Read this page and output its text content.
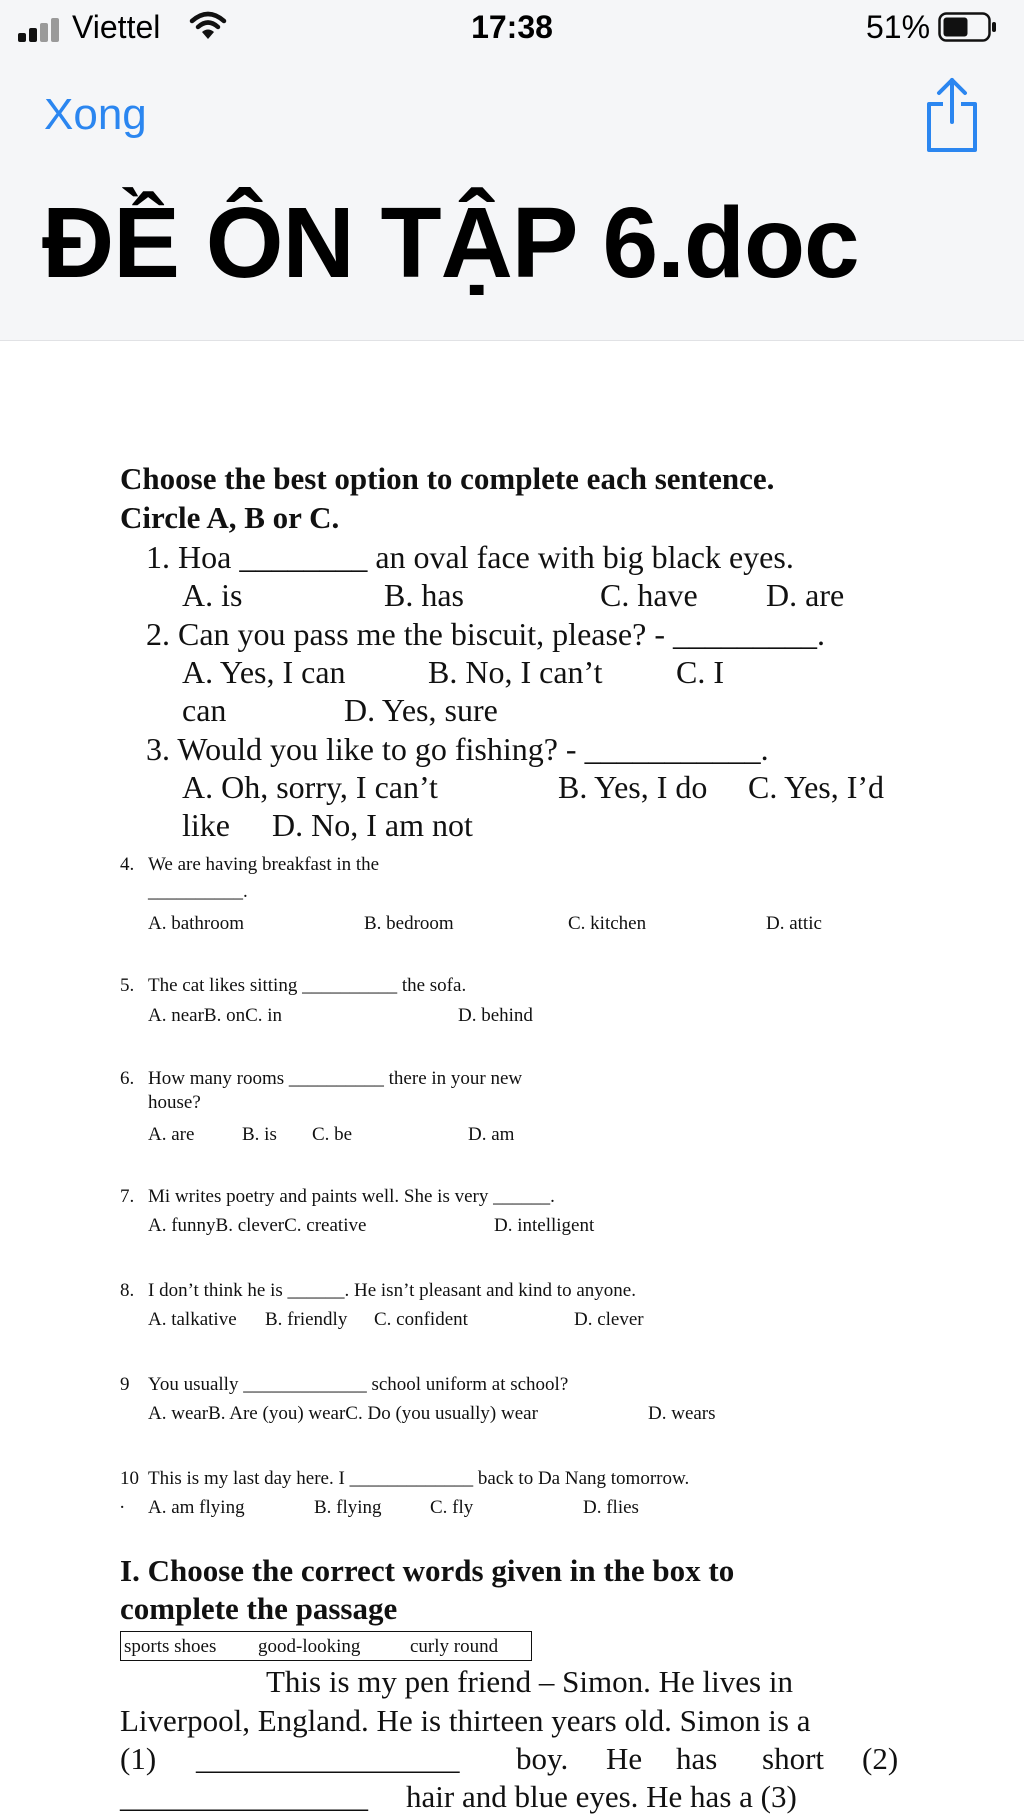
Viettel	17:38	51%
Xong
ĐỀ ÔN TẬP 6.doc
Choose the best option to complete each sentence.
Circle A, B or C.
1. Hoa ________ an oval face with big black eyes.
A. is	B. has	C. have D. are
2. Can you pass me the biscuit, please? - _________.
A. Yes, I can	B. No, I can’t C. I
can	D. Yes, sure
3. Would you like to go fishing? - ___________.
A. Oh, sorry, I can’t	B. Yes, I do C. Yes, I’d
like D. No, I am not
4. We are having breakfast in the
__________.
A. bathroom	B. bedroom	C. kitchen	D. attic
5. The cat likes sitting __________ the sofa.
A. nearB. onC. in	D. behind
6. How many rooms __________ there in your new
house?
A. are	B. is C. be	D. am
7. Mi writes poetry and paints well. She is very ______.
A. funnyB. cleverC. creative	D. intelligent
8. I don’t think he is ______. He isn’t pleasant and kind to anyone.
A. talkative B. friendly C. confident	D. clever
9 You usually _____________ school uniform at school?
A. wearB. Are (you) wearC. Do (you usually) wear	D. wears
10 This is my last day here. I _____________ back to Da Nang tomorrow.
· A. am flying	B. flying	C. fly	D. flies
I. Choose the correct words given in the box to
complete the passage
sports shoes good-looking	curly round
This is my pen friend – Simon. He lives in
Liverpool, England. He is thirteen years old. Simon is a
(1) _________________ boy. He has short (2)
________________ hair and blue eyes. He has a (3)
